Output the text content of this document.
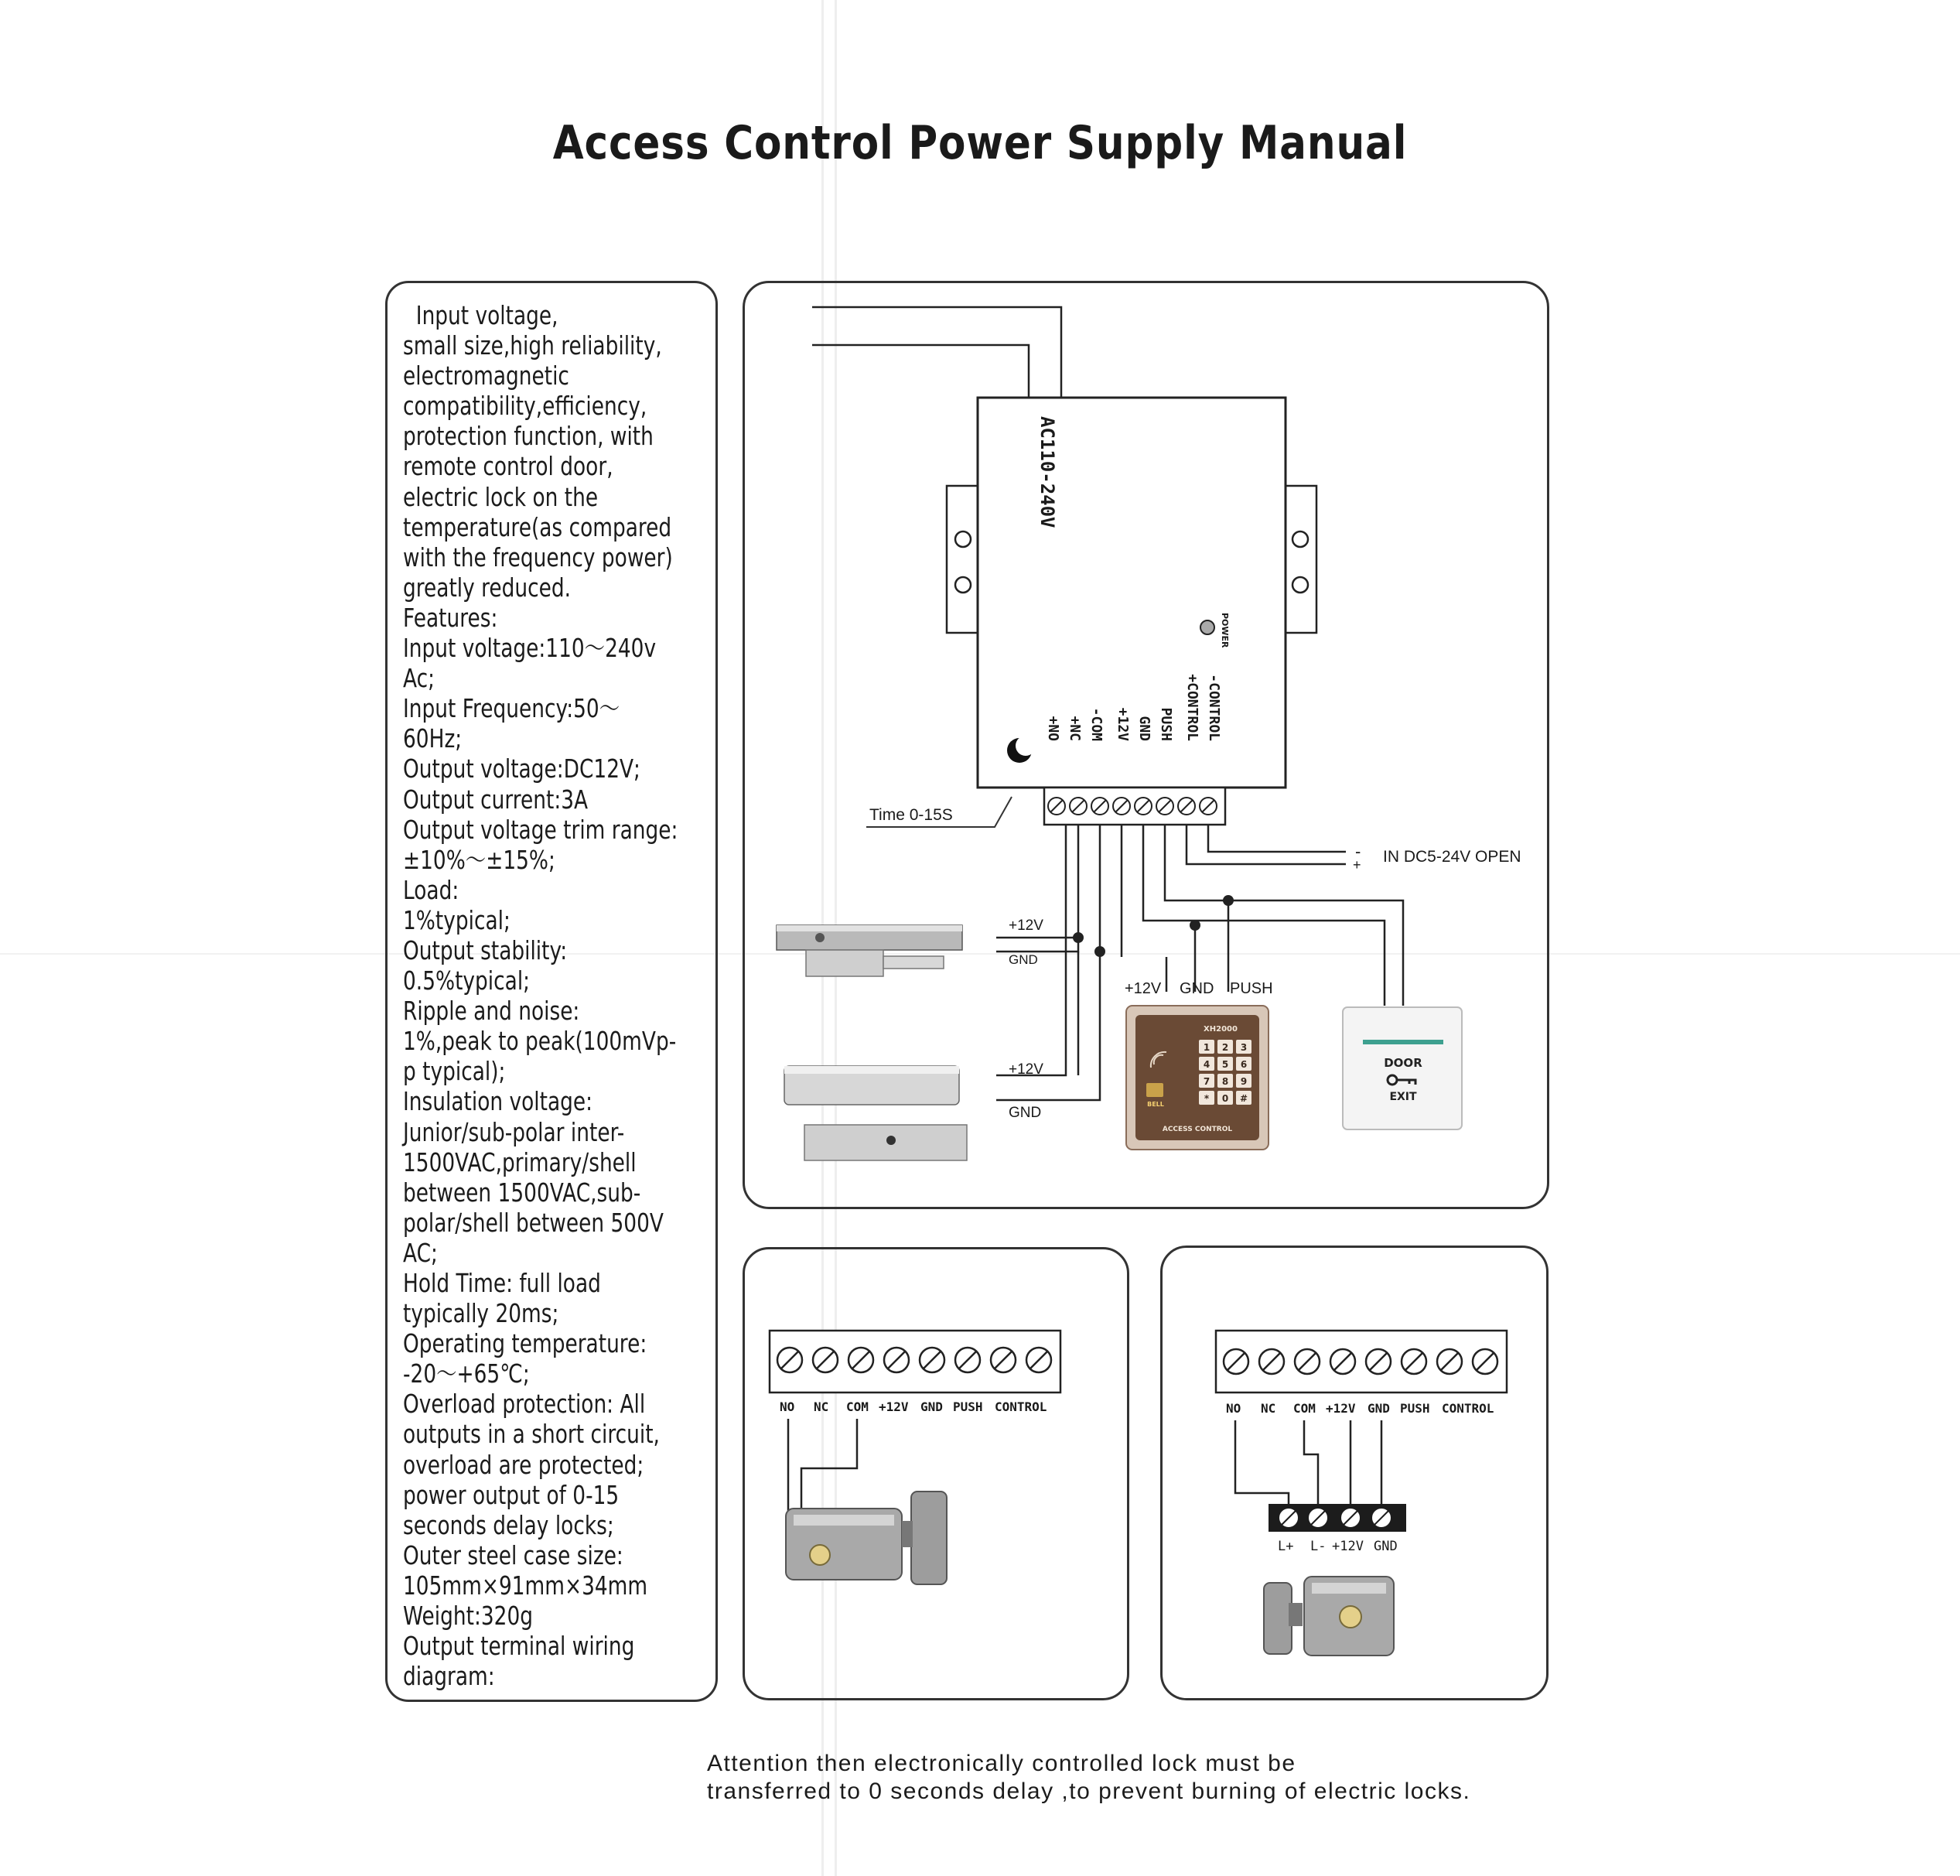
Access Control Power Supply Manual
Input voltage,
small size,high reliability,
electromagnetic
compatibility,efficiency,
protection function, with
remote control door,
electric lock on the
temperature(as compared
with the frequency power)
greatly reduced.
Features:
Input voltage:110～240v
Ac;
Input Frequency:50～
60Hz;
Output voltage:DC12V;
Output current:3A
Output voltage trim range:
±10%～±15%;
Load:
1%typical;
Output stability:
0.5%typical;
Ripple and noise:
1%,peak to peak(100mVp-
p typical);
Insulation voltage:
Junior/sub-polar inter-
1500VAC,primary/shell
between 1500VAC,sub-
polar/shell between 500V
AC;
Hold Time: full load
typically 20ms;
Operating temperature:
-20～+65℃;
Overload protection: All
outputs in a short circuit,
overload are protected;
power output of 0-15
seconds delay locks;
Outer steel case size:
105mm×91mm×34mm
Weight:320g
Output terminal wiring
diagram:
AC110-240V
POWER
+NO +NC -COM +12V GND PUSH +CONTROL -CONTROL
Time 0-15S
-
+ IN DC5-24V OPEN
+12V
GND
+12V
GND
+12V GND PUSH
XH2000
BELL
ACCESS CONTROL
1 2 3
4 5 6
7 8 9
* 0 #
DOOR
EXIT
NO NC COM +12V GND PUSH CONTROL	NO NC COM +12V GND PUSH CONTROL
L+ L- +12V GND
Attention then electronically controlled lock must be
transferred to 0 seconds delay ,to prevent burning of electric locks.
